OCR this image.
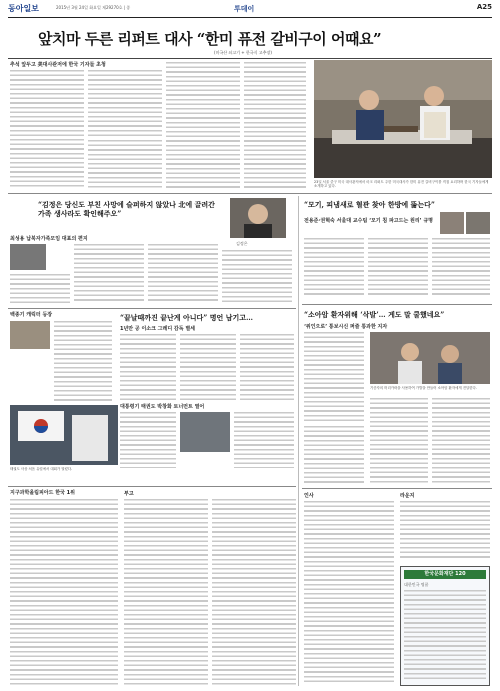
동아일보	2015년 3월 24일 화요일 제29270호 | 종	투데이	A25
앞치마 두른 리퍼트 대사 “한미 퓨전 갈비구이 어때요”
(미국산 쇠고기 + 한국식 고추장)
추석 앞두고 美대사관저에 한국 기자들 초청
23일 서울 중구 미국 대사관저에서 마크 리퍼트 주한 미국대사가 한미 퓨전 갈비구이를 직접 요리하며 한국 기자들에게 소개하고 있다.
“김정은 당신도 부친 사망에 슬퍼하지 않았나 北에 끌려간 가족 생사라도 확인해주오”
김정은
최성용 납북자가족모임 대표의 편지
백종기 캐릭터 등장	“끝날때까진 끝난게 아니다” 명언 남기고…
1년만 공 이소크 그레디 감독 별세
태권도 사상 처음 유럽에서 대회가 열렸다.
대통령기 태권도 박창화 토너먼트 열어
지구과학올림피아드 한국 1위	부고
“모기, 피냄새로 혈관 찾아 한방에 뚫는다”
전용준·권혁숙 서울대 교수팀 ‘모기 침 파고드는 원리’ 규명
“소아암 환자위해 ‘삭발’… 게도 말 쿨했네요”
‘위인으로’ 통보시신 퍼즐 통과한 지자
기증자의 머리카락을 사용하여 가발을 만들어 소아암 환자에게 전달한다.
인사	라운지
한국문화재단 120
대한민국 명품
